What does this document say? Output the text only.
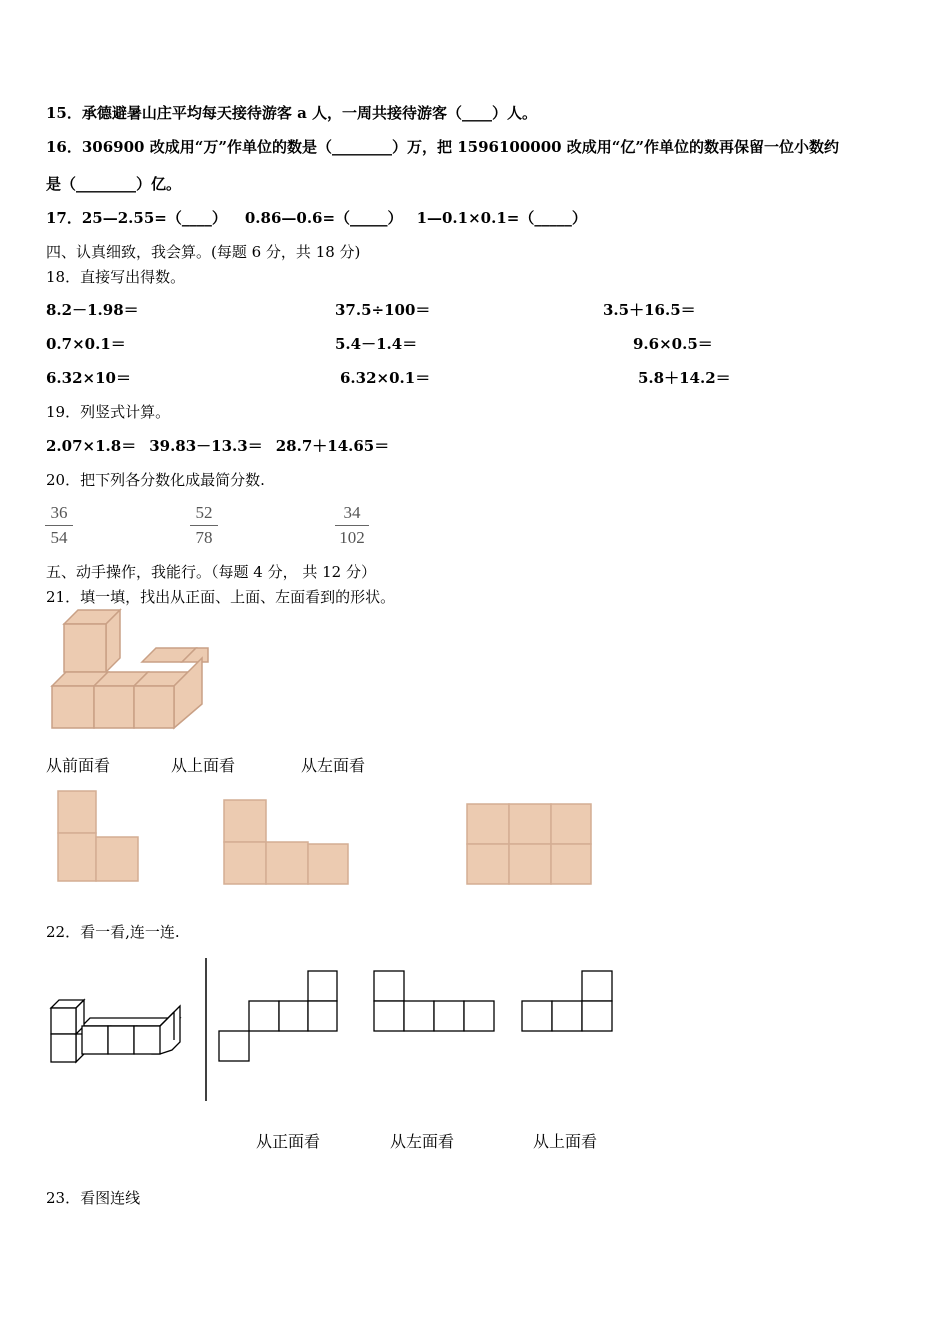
15．承德避暑山庄平均每天接待游客 a 人，一周共接待游客（____）人。
16．306900 改成用“万”作单位的数是（________）万，把 1596100000 改成用“亿”作单位的数再保留一位小数约
是（________）亿。
17．25—2.55=（____） 0.86—0.6=（_____） 1—0.1×0.1=（_____）
四、认真细致，我会算。(每题 6 分，共 18 分)
18．直接写出得数。
8.2－1.98＝	37.5÷100＝	3.5＋16.5＝
0.7×0.1＝	5.4－1.4＝	9.6×0.5＝
6.32×10＝	6.32×0.1＝	5.8＋14.2＝
19．列竖式计算。
2.07×1.8＝ 39.83－13.3＝ 28.7＋14.65＝
20．把下列各分数化成最简分数.
36
54
52
78
34
102
五、动手操作，我能行。（每题 4 分， 共 12 分）
21．填一填，找出从正面、上面、左面看到的形状。
从前面看	从上面看	从左面看
22．看一看,连一连.
从正面看	从左面看	从上面看
23．看图连线
